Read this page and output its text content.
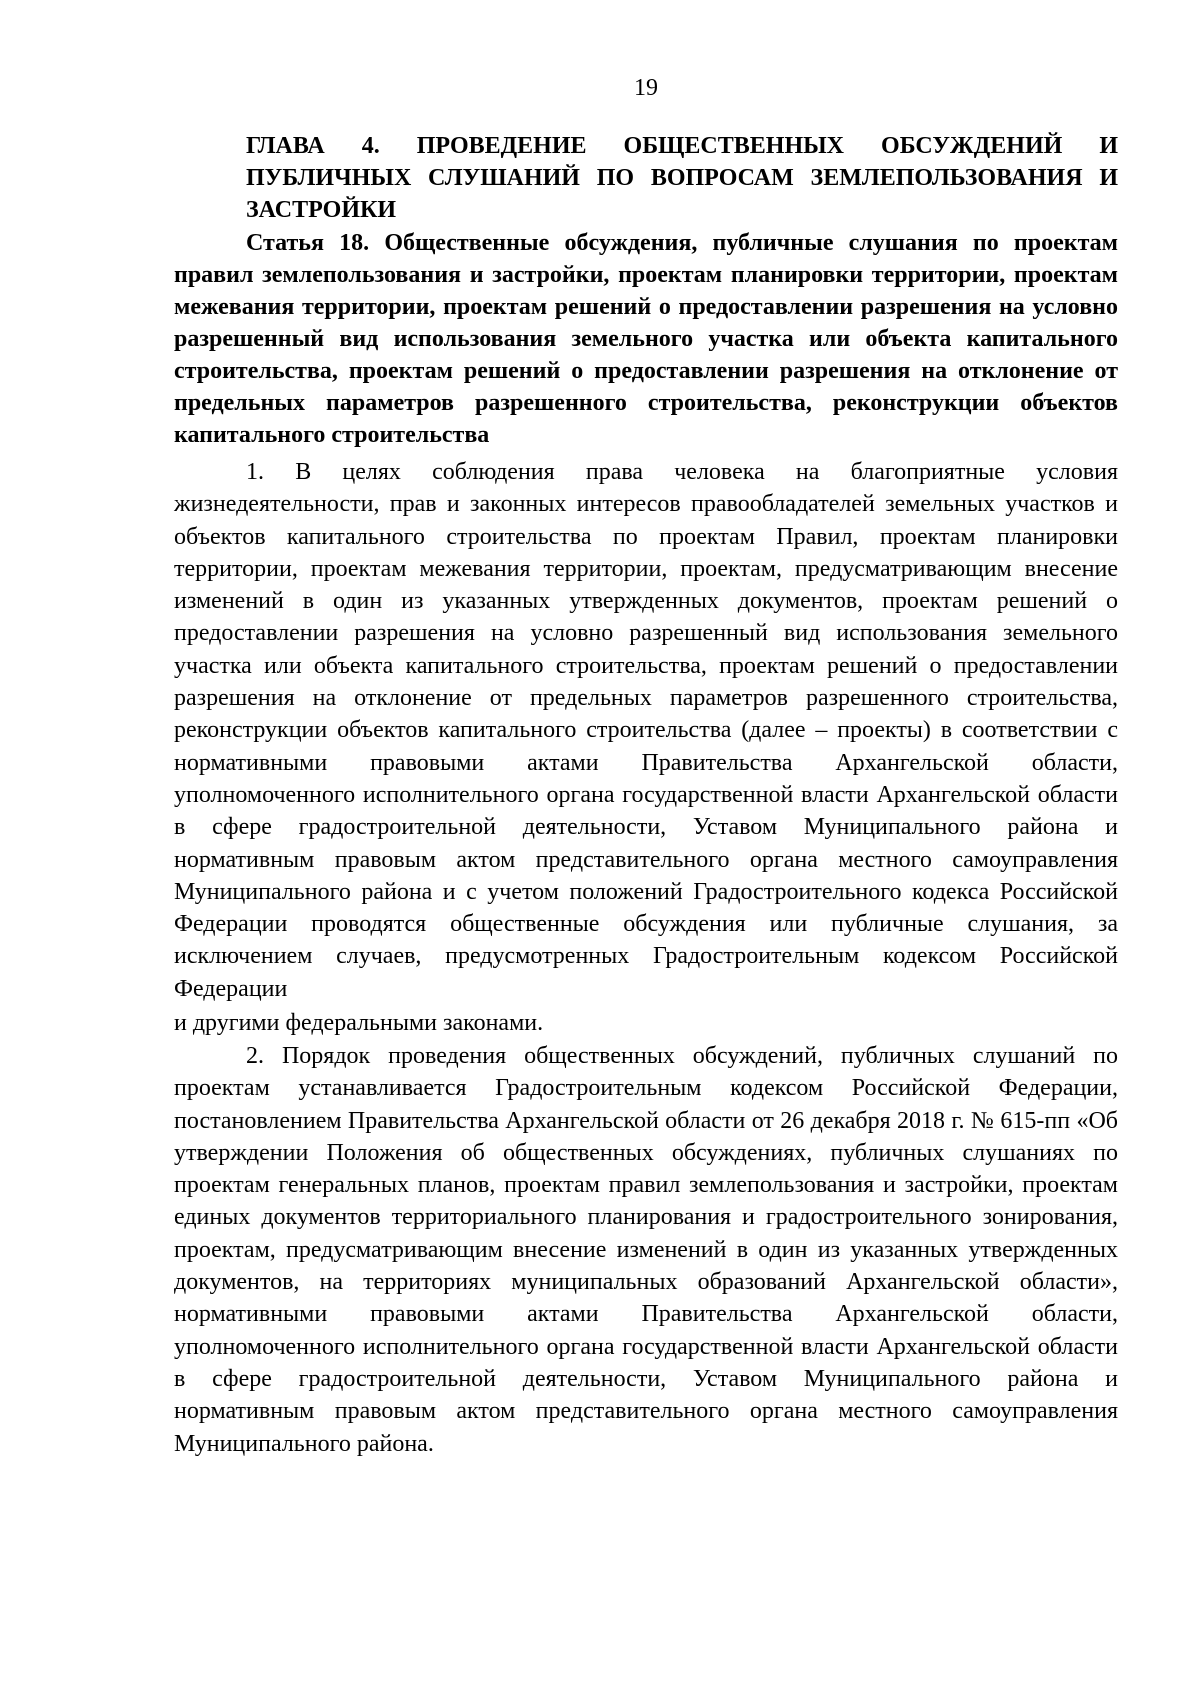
19
ГЛАВА 4. ПРОВЕДЕНИЕ ОБЩЕСТВЕННЫХ ОБСУЖДЕНИЙ И ПУБЛИЧНЫХ СЛУШАНИЙ ПО ВОПРОСАМ ЗЕМЛЕПОЛЬЗОВАНИЯ И ЗАСТРОЙКИ
Статья 18. Общественные обсуждения, публичные слушания по проектам правил землепользования и застройки, проектам планировки территории, проектам межевания территории, проектам решений о предоставлении разрешения на условно разрешенный вид использования земельного участка или объекта капитального строительства, проектам решений о предоставлении разрешения на отклонение от предельных параметров разрешенного строительства, реконструкции объектов капитального строительства

1. В целях соблюдения права человека на благоприятные условия жизнедеятельности, прав и законных интересов правообладателей земельных участков и объектов капитального строительства по проектам Правил, проектам планировки территории, проектам межевания территории, проектам, предусматривающим внесение изменений в один из указанных утвержденных документов, проектам решений о предоставлении разрешения на условно разрешенный вид использования земельного участка или объекта капитального строительства, проектам решений о предоставлении разрешения на отклонение от предельных параметров разрешенного строительства, реконструкции объектов капитального строительства (далее – проекты) в соответствии с нормативными правовыми актами Правительства Архангельской области, уполномоченного исполнительного органа государственной власти Архангельской области в сфере градостроительной деятельности, Уставом Муниципального района и нормативным правовым актом представительного органа местного самоуправления Муниципального района и с учетом положений Градостроительного кодекса Российской Федерации проводятся общественные обсуждения или публичные слушания, за исключением случаев, предусмотренных Градостроительным кодексом Российской Федерации

и другими федеральными законами.

2. Порядок проведения общественных обсуждений, публичных слушаний по проектам устанавливается Градостроительным кодексом Российской Федерации, постановлением Правительства Архангельской области от 26 декабря 2018 г. № 615-пп «Об утверждении Положения об общественных обсуждениях, публичных слушаниях по проектам генеральных планов, проектам правил землепользования и застройки, проектам единых документов территориального планирования и градостроительного зонирования, проектам, предусматривающим внесение изменений в один из указанных утвержденных документов, на территориях муниципальных образований Архангельской области», нормативными правовыми актами Правительства Архангельской области, уполномоченного исполнительного органа государственной власти Архангельской области в сфере градостроительной деятельности, Уставом Муниципального района и нормативным правовым актом представительного органа местного самоуправления Муниципального района.
